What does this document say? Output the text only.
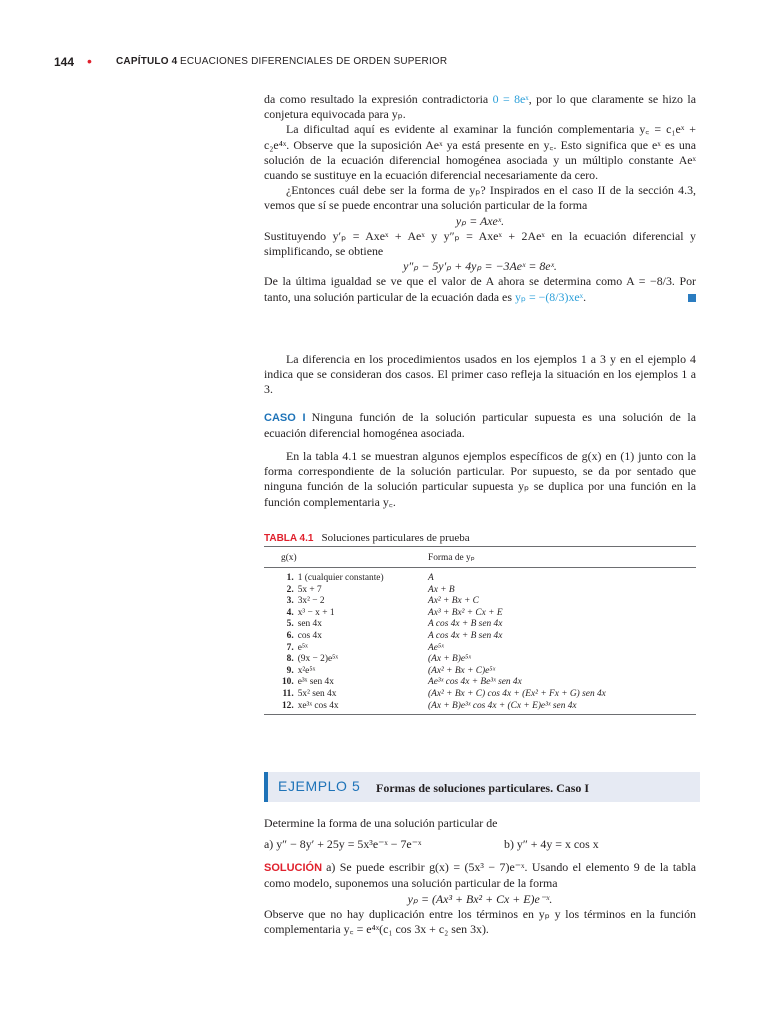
144 • CAPÍTULO 4 ECUACIONES DIFERENCIALES DE ORDEN SUPERIOR

da como resultado la expresión contradictoria 0 = 8eˣ, por lo que claramente se hizo la conjetura equivocada para yₚ.

La dificultad aquí es evidente al examinar la función complementaria y꜀ = c₁eˣ + c₂e⁴ˣ. Observe que la suposición Aeˣ ya está presente en y꜀. Esto significa que eˣ es una solución de la ecuación diferencial homogénea asociada y un múltiplo constante Aeˣ cuando se sustituye en la ecuación diferencial necesariamente da cero.

¿Entonces cuál debe ser la forma de yₚ? Inspirados en el caso II de la sección 4.3, vemos que sí se puede encontrar una solución particular de la forma

yₚ = Axeˣ.

Sustituyendo y′ₚ = Axeˣ + Aeˣ y y″ₚ = Axeˣ + 2Aeˣ en la ecuación diferencial y simplificando, se obtiene

y″ₚ − 5y′ₚ + 4yₚ = −3Aeˣ = 8eˣ.

De la última igualdad se ve que el valor de A ahora se determina como A = −8/3. Por tanto, una solución particular de la ecuación dada es yₚ = −(8/3)xeˣ.

La diferencia en los procedimientos usados en los ejemplos 1 a 3 y en el ejemplo 4 indica que se consideran dos casos. El primer caso refleja la situación en los ejemplos 1 a 3.

CASO I Ninguna función de la solución particular supuesta es una solución de la ecuación diferencial homogénea asociada.

En la tabla 4.1 se muestran algunos ejemplos específicos de g(x) en (1) junto con la forma correspondiente de la solución particular. Por supuesto, se da por sentado que ninguna función de la solución particular supuesta yₚ se duplica por una función en la función complementaria y꜀.

TABLA 4.1 Soluciones particulares de prueba
g(x)		Forma de yₚ
1.	1 (cualquier constante)	A
2.	5x + 7	Ax + B
3.	3x² − 2	Ax² + Bx + C
4.	x³ − x + 1	Ax³ + Bx² + Cx + E
5.	sen 4x	A cos 4x + B sen 4x
6.	cos 4x	A cos 4x + B sen 4x
7.	e⁵ˣ	Ae⁵ˣ
8.	(9x − 2)e⁵ˣ	(Ax + B)e⁵ˣ
9.	x²e⁵ˣ	(Ax² + Bx + C)e⁵ˣ
10.	e³ˣ sen 4x	Ae³ˣ cos 4x + Be³ˣ sen 4x
11.	5x² sen 4x	(Ax² + Bx + C) cos 4x + (Ex² + Fx + G) sen 4x
12.	xe³ˣ cos 4x	(Ax + B)e³ˣ cos 4x + (Cx + E)e³ˣ sen 4x
EJEMPLO 5 Formas de soluciones particulares. Caso I

Determine la forma de una solución particular de

a) y″ − 8y′ + 25y = 5x³e⁻ˣ − 7e⁻ˣ	b) y″ + 4y = x cos x

SOLUCIÓN a) Se puede escribir g(x) = (5x³ − 7)e⁻ˣ. Usando el elemento 9 de la tabla como modelo, suponemos una solución particular de la forma

yₚ = (Ax³ + Bx² + Cx + E)e⁻ˣ.

Observe que no hay duplicación entre los términos en yₚ y los términos en la función complementaria y꜀ = e⁴ˣ(c₁ cos 3x + c₂ sen 3x).
